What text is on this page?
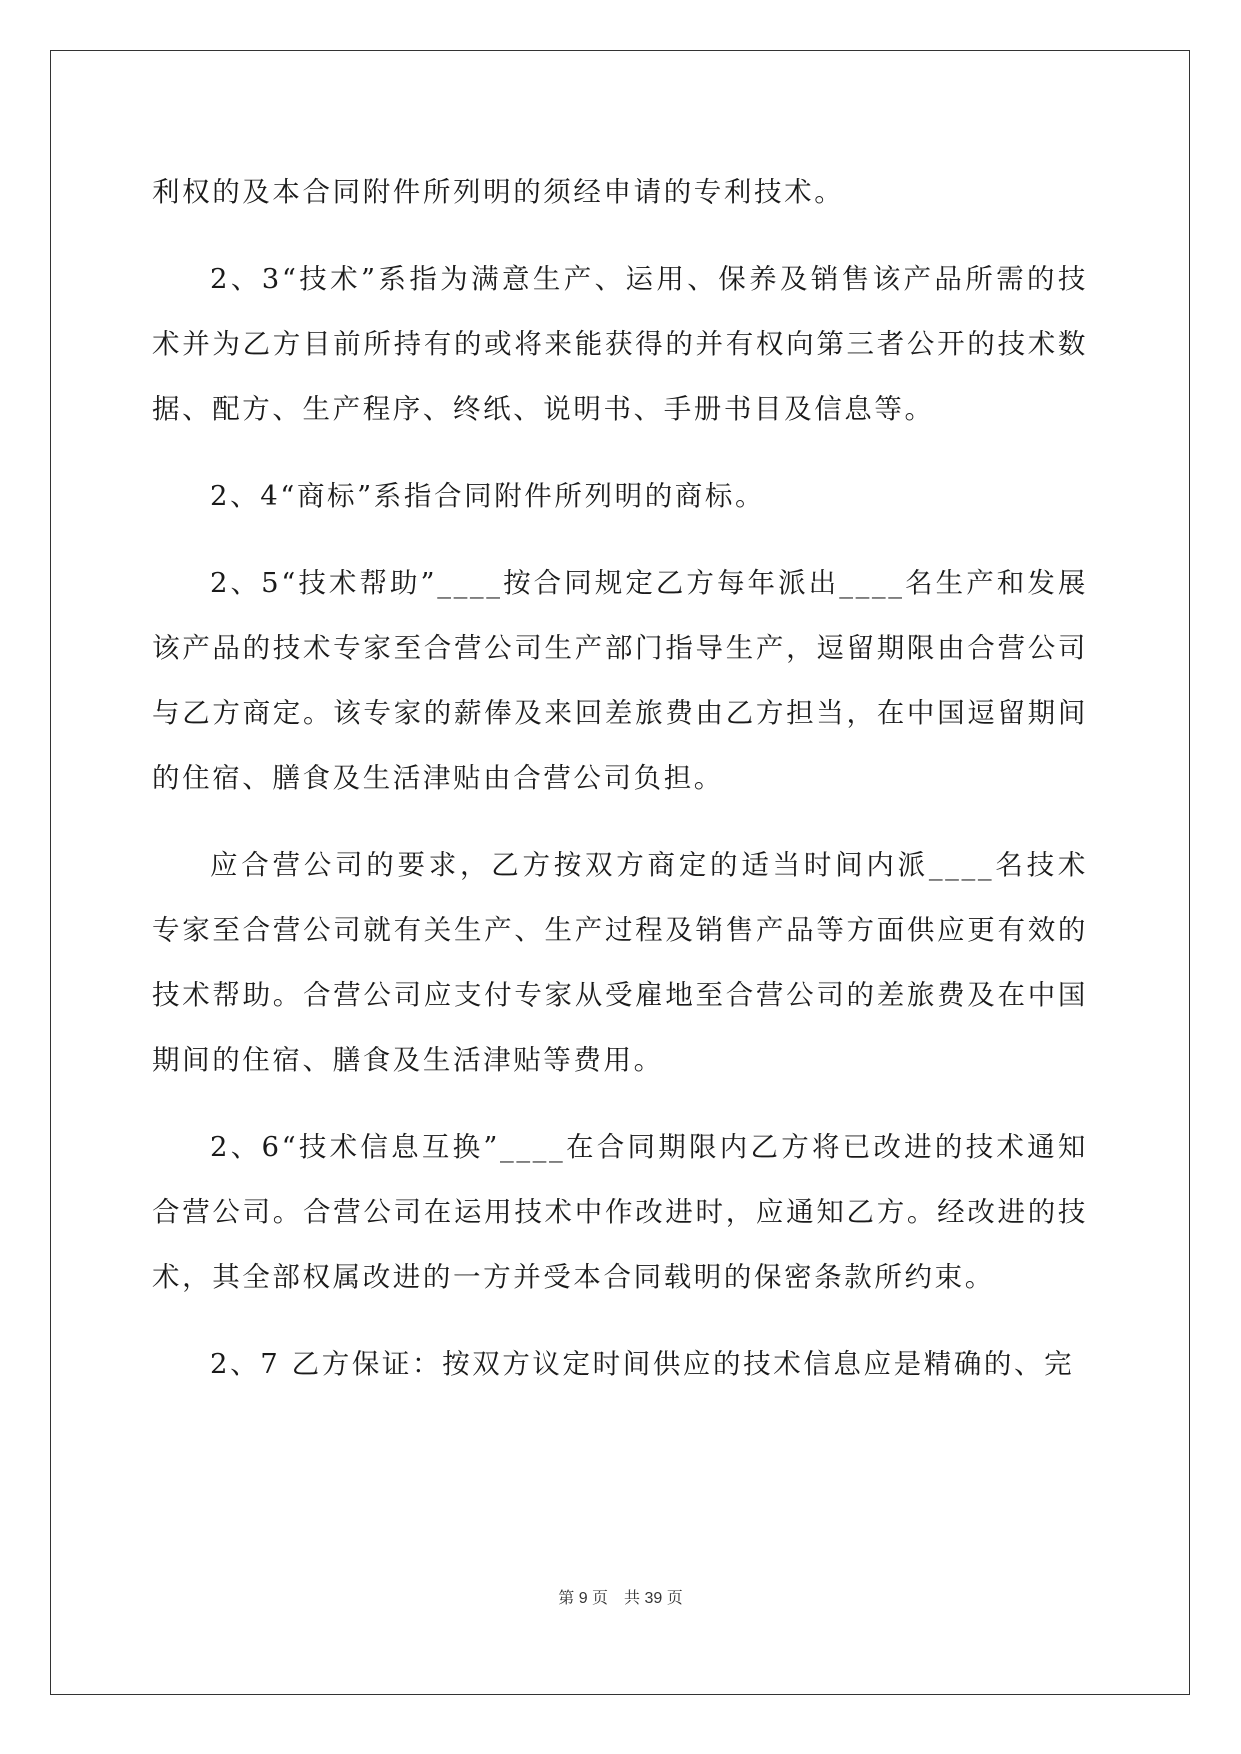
利权的及本合同附件所列明的须经申请的专利技术。

2、3“技术”系指为满意生产、运用、保养及销售该产品所需的技术并为乙方目前所持有的或将来能获得的并有权向第三者公开的技术数据、配方、生产程序、终纸、说明书、手册书目及信息等。

2、4“商标”系指合同附件所列明的商标。

2、5“技术帮助”____按合同规定乙方每年派出____名生产和发展该产品的技术专家至合营公司生产部门指导生产，逗留期限由合营公司与乙方商定。该专家的薪俸及来回差旅费由乙方担当，在中国逗留期间的住宿、膳食及生活津贴由合营公司负担。

应合营公司的要求，乙方按双方商定的适当时间内派____名技术专家至合营公司就有关生产、生产过程及销售产品等方面供应更有效的技术帮助。合营公司应支付专家从受雇地至合营公司的差旅费及在中国期间的住宿、膳食及生活津贴等费用。

2、6“技术信息互换”____在合同期限内乙方将已改进的技术通知合营公司。合营公司在运用技术中作改进时，应通知乙方。经改进的技术，其全部权属改进的一方并受本合同载明的保密条款所约束。

2、7 乙方保证：按双方议定时间供应的技术信息应是精确的、完

第 9 页　共 39 页
